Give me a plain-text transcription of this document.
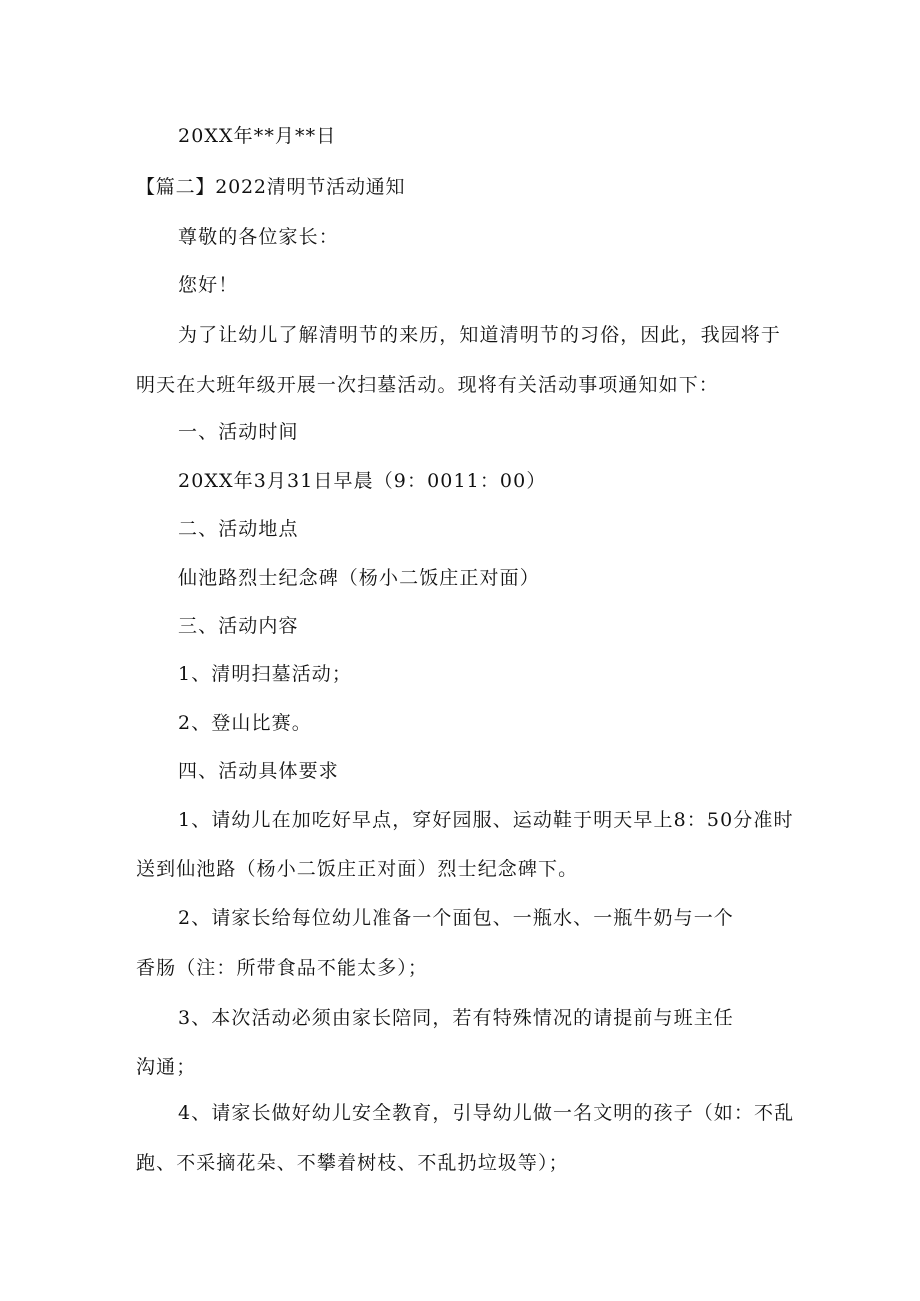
20XX年**月**日
【篇二】2022清明节活动通知
尊敬的各位家长：
您好！
为了让幼儿了解清明节的来历，知道清明节的习俗，因此，我园将于
明天在大班年级开展一次扫墓活动。现将有关活动事项通知如下：
一、活动时间
20XX年3月31日早晨（9：0011：00）
二、活动地点
仙池路烈士纪念碑（杨小二饭庄正对面）
三、活动内容
1、清明扫墓活动；
2、登山比赛。
四、活动具体要求
1、请幼儿在加吃好早点，穿好园服、运动鞋于明天早上8：50分准时
送到仙池路（杨小二饭庄正对面）烈士纪念碑下。
2、请家长给每位幼儿准备一个面包、一瓶水、一瓶牛奶与一个
香肠（注：所带食品不能太多）；
3、本次活动必须由家长陪同，若有特殊情况的请提前与班主任
沟通；
4、请家长做好幼儿安全教育，引导幼儿做一名文明的孩子（如：不乱
跑、不采摘花朵、不攀着树枝、不乱扔垃圾等）；
